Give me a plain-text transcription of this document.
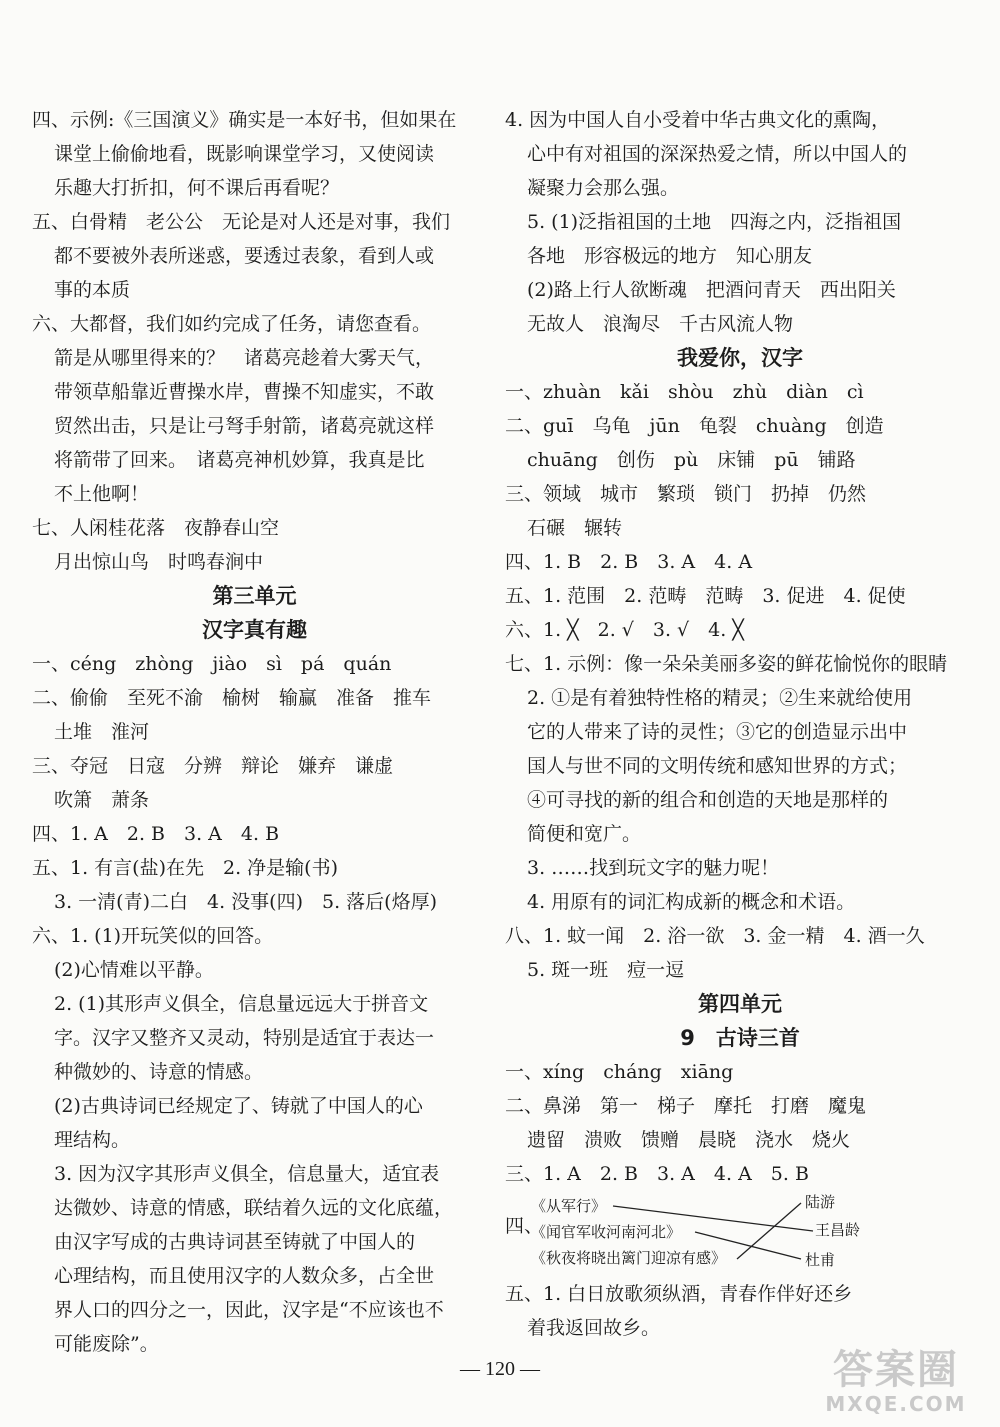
四、示例:《三国演义》确实是一本好书，但如果在
课堂上偷偷地看，既影响课堂学习，又使阅读
乐趣大打折扣，何不课后再看呢？
五、白骨精　老公公　无论是对人还是对事，我们
都不要被外表所迷惑，要透过表象，看到人或
事的本质
六、大都督，我们如约完成了任务，请您查看。
箭是从哪里得来的？　诸葛亮趁着大雾天气，
带领草船靠近曹操水岸，曹操不知虚实，不敢
贸然出击，只是让弓弩手射箭，诸葛亮就这样
将箭带了回来。　诸葛亮神机妙算，我真是比
不上他啊！
七、人闲桂花落　夜静春山空
月出惊山鸟　时鸣春涧中
第三单元
汉字真有趣
一、céng　zhòng　jiào　sì　pá　quán
二、偷偷　至死不渝　榆树　输赢　准备　推车
土堆　淮河
三、夺冠　日寇　分辨　辩论　嫌弃　谦虚
吹箫　萧条
四、1. A　2. B　3. A　4. B
五、1. 有言(盐)在先　2. 净是输(书)
3. 一清(青)二白　4. 没事(四)　5. 落后(烙厚)
六、1. (1)开玩笑似的回答。
(2)心情难以平静。
2. (1)其形声义俱全，信息量远远大于拼音文
字。汉字又整齐又灵动，特别是适宜于表达一
种微妙的、诗意的情感。
(2)古典诗词已经规定了、铸就了中国人的心
理结构。
3. 因为汉字其形声义俱全，信息量大，适宜表
达微妙、诗意的情感，联结着久远的文化底蕴，
由汉字写成的古典诗词甚至铸就了中国人的
心理结构，而且使用汉字的人数众多，占全世
界人口的四分之一，因此，汉字是“不应该也不
可能废除”。
4. 因为中国人自小受着中华古典文化的熏陶，
心中有对祖国的深深热爱之情，所以中国人的
凝聚力会那么强。
5. (1)泛指祖国的土地　四海之内，泛指祖国
各地　形容极远的地方　知心朋友
(2)路上行人欲断魂　把酒问青天　西出阳关
无故人　浪淘尽　千古风流人物
我爱你，汉字
一、zhuàn　kǎi　shòu　zhù　diàn　cì
二、guī　乌龟　jūn　龟裂　chuàng　创造
chuāng　创伤　pù　床铺　pū　铺路
三、领域　城市　繁琐　锁门　扔掉　仍然
石碾　辗转
四、1. B　2. B　3. A　4. A
五、1. 范围　2. 范畴　范畴　3. 促进　4. 促使
六、1. ╳　2. √　3. √　4. ╳
七、1. 示例：像一朵朵美丽多姿的鲜花愉悦你的眼睛
2. ①是有着独特性格的精灵；②生来就给使用
它的人带来了诗的灵性；③它的创造显示出中
国人与世不同的文明传统和感知世界的方式；
④可寻找的新的组合和创造的天地是那样的
简便和宽广。
3. ……找到玩文字的魅力呢！
4. 用原有的词汇构成新的概念和术语。
八、1. 蚊一闻　2. 浴一欲　3. 金一精　4. 酒一久
5. 斑一班　痘一逗
第四单元
9　古诗三首
一、xíng　cháng　xiāng
二、鼻涕　第一　梯子　摩托　打磨　魔鬼
遗留　溃败　馈赠　晨晓　浇水　烧火
三、1. A　2. B　3. A　4. A　5. B
四、
《从军行》
《闻官军收河南河北》
《秋夜将晓出篱门迎凉有感》
陆游
王昌龄
杜甫
五、1. 白日放歌须纵酒，青春作伴好还乡
着我返回故乡。
— 120 —	答案圈
MXQE.COM
